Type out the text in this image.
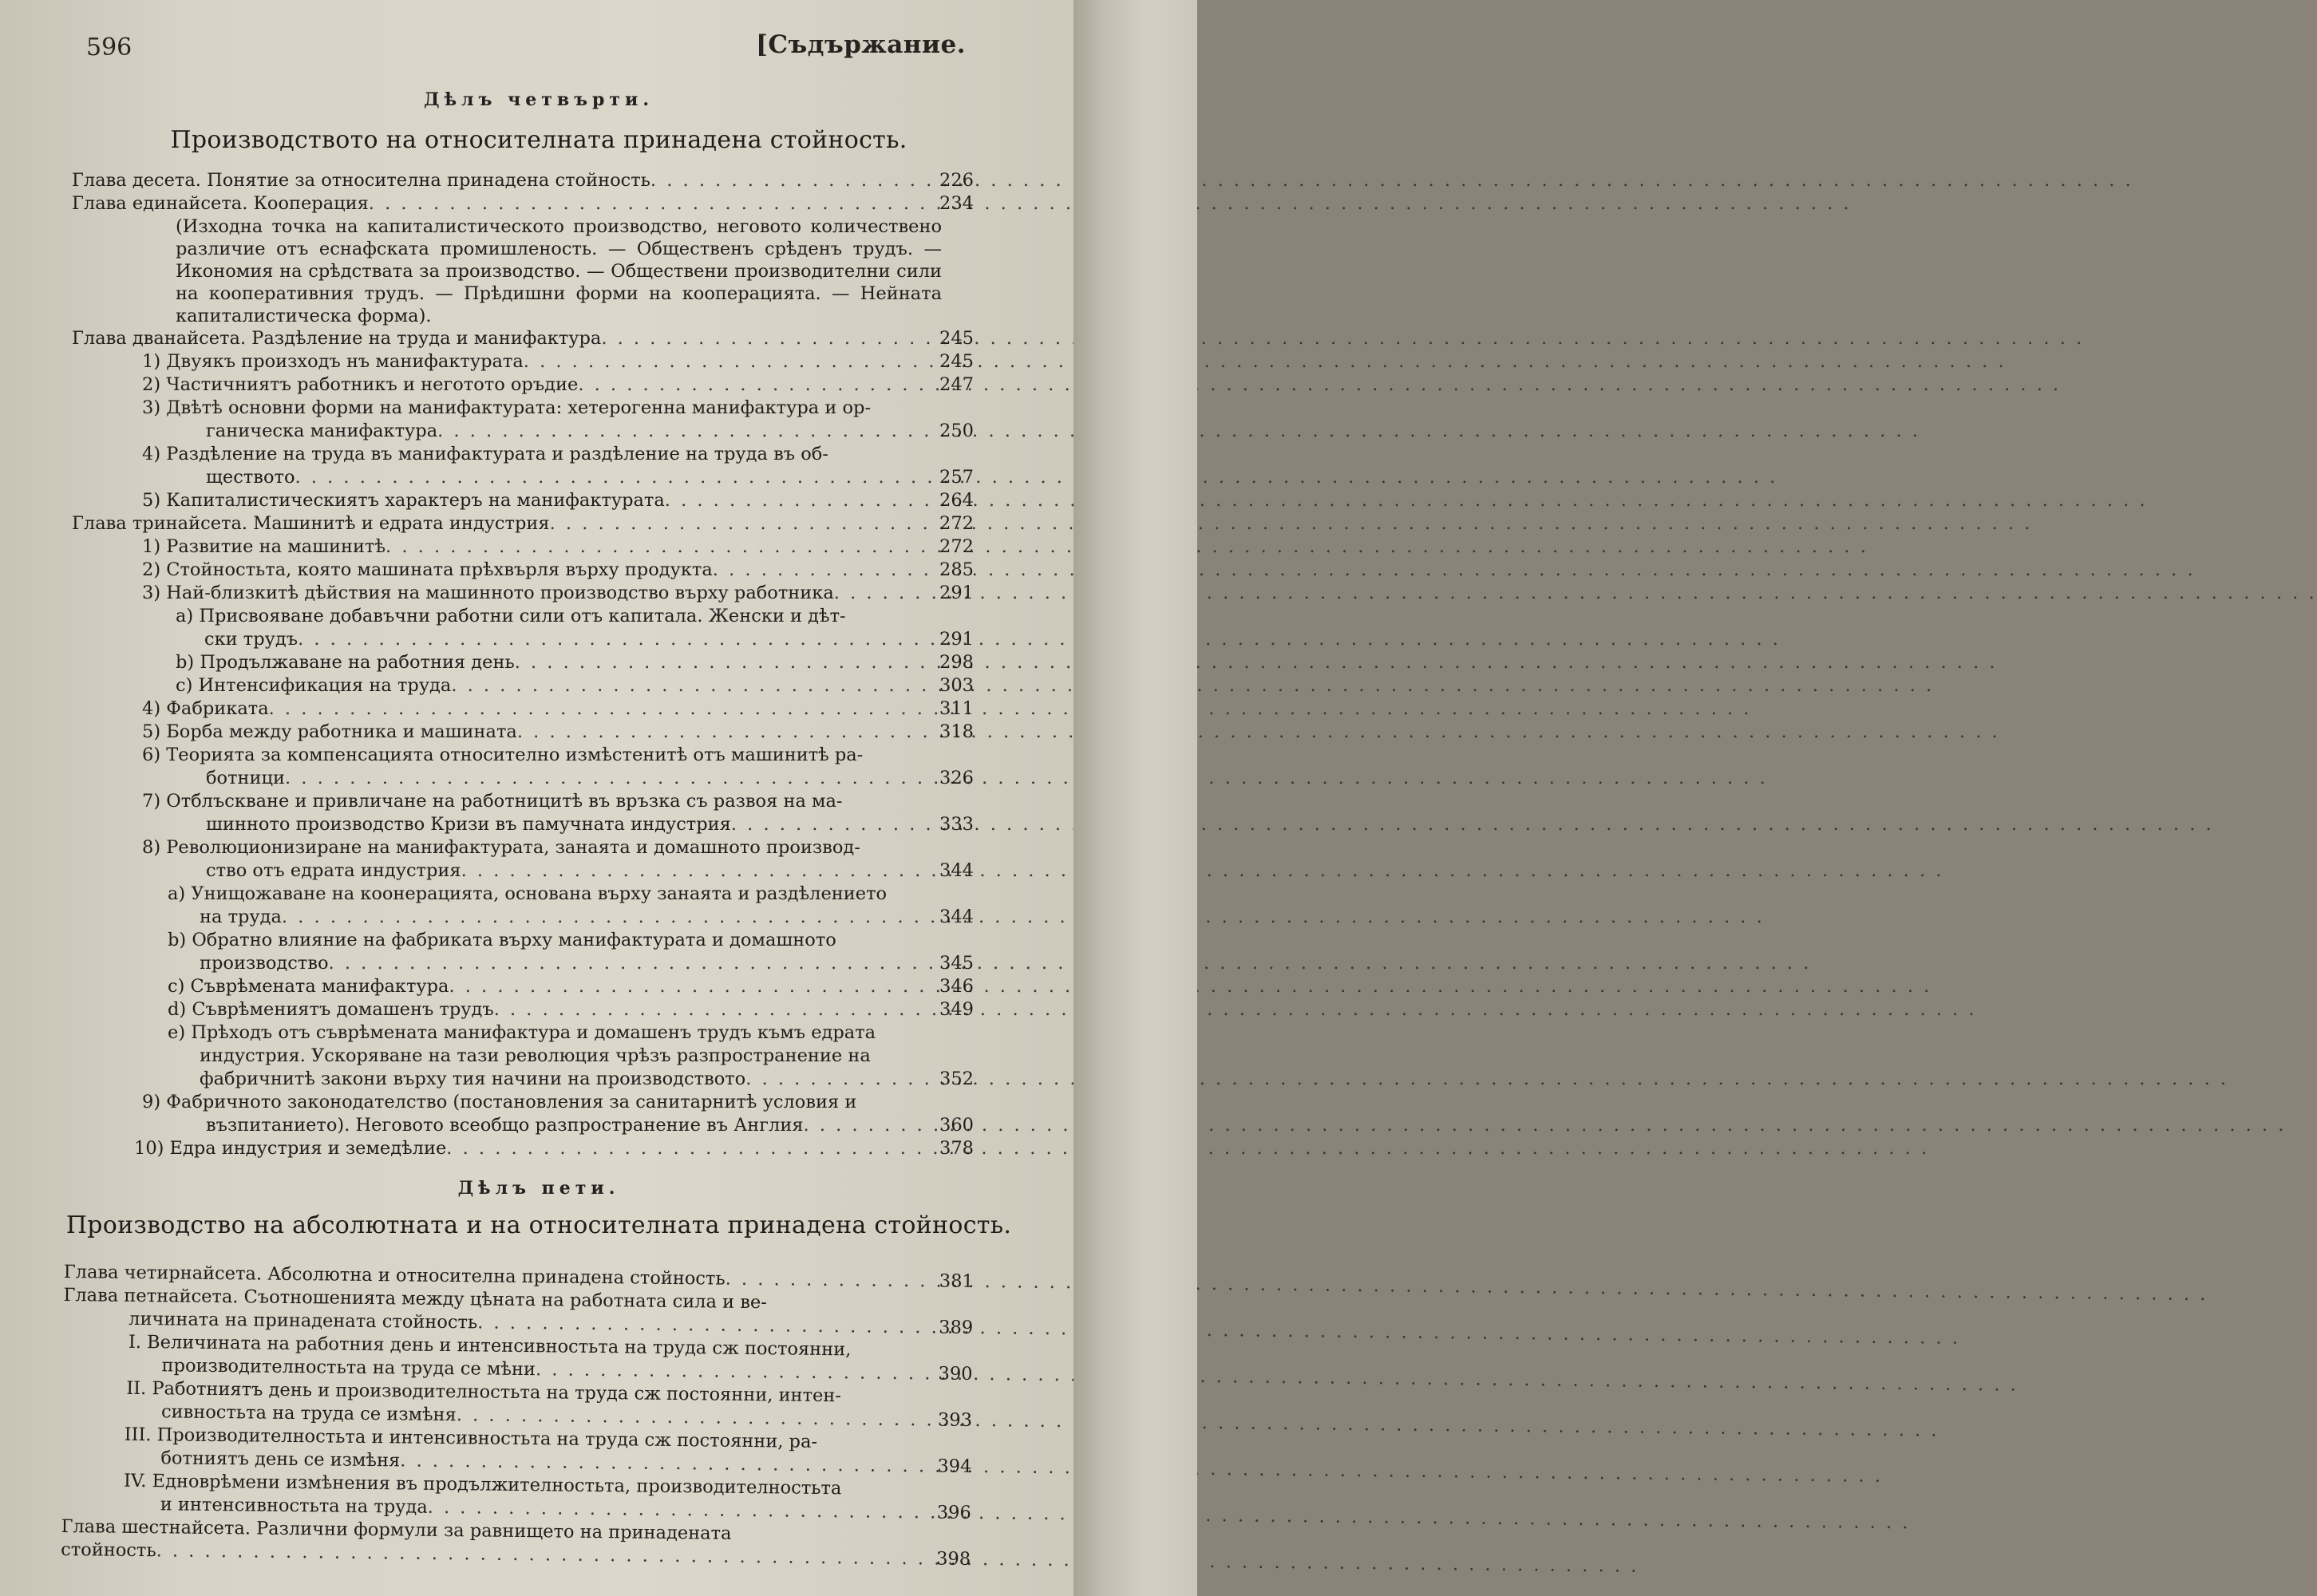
596	[Съдържание.
Дѣлъ четвърти.
Производството на относителната принадена стойность.
Глава десета. Понятие за относителна принадена стойность . . .	226
Глава единайсета. Кооперация . . .	234
(Изходна точка на капиталистическото производство, неговото количествено различие отъ еснафската промишленость. — Общественъ срѣденъ трудъ. — Икономия на срѣдствата за производство. — Обществени производителни сили на кооперативния трудъ. — Прѣдишни форми на кооперацията. — Нейната капиталистическа форма).
Глава дванайсета. Раздѣление на труда и манифактура . . .	245
1) Двуякъ произходъ нъ манифактурата . . .	245
2) Частичниятъ работникъ и неготото оръдие . . .	247
3) Двѣтѣ основни форми на манифактурата: хетерогенна манифактура и ор-
ганическа манифактура . . .	250
4) Раздѣление на труда въ манифактурата и раздѣление на труда въ об-
ществото . . .	257
5) Капиталистическиятъ характеръ на манифактурата . . .	264
Глава тринайсета. Машинитѣ и едрата индустрия . . .	272
1) Развитие на машинитѣ . . .	272
2) Стойностьта, която машината прѣхвърля върху продукта . . .	285
3) Най-близкитѣ дѣйствия на машинното производство върху работника . . .	291
a) Присвояване добавъчни работни сили отъ капитала. Женски и дѣт-
ски трудъ . . .	291
b) Продължаване на работния день . . .	298
c) Интенсификация на труда . . .	303
4) Фабриката . . .	311
5) Борба между работника и машината . . .	318
6) Теорията за компенсацията относително измѣстенитѣ отъ машинитѣ ра-
ботници . . .	326
7) Отблъскване и привличане на работницитѣ въ връзка съ развоя на ма-
шинното производство Кризи въ памучната индустрия . . .	333
8) Революционизиране на манифактурата, занаята и домашното производ-
ство отъ едрата индустрия . . .	344
a) Унищожаване на коонерацията, основана върху занаята и раздѣлението
на труда . . .	344
b) Обратно влияние на фабриката върху манифактурата и домашното
производство . . .	345
c) Съврѣмената манифактура . . .	346
d) Съврѣмениятъ домашенъ трудъ . . .	349
e) Прѣходъ отъ съврѣмената манифактура и домашенъ трудъ къмъ едрата
индустрия. Ускоряване на тази революция чрѣзъ разпространение на
фабричнитѣ закони върху тия начини на производството . . .	352
9) Фабричното законодателство (постановления за санитарнитѣ условия и
възпитанието). Неговото всеобщо разпространение въ Англия . . .	360
10) Едра индустрия и земедѣлие . . .	378
Дѣлъ пети.
Производство на абсолютната и на относителната принадена стойность.
Глава четирнайсета. Абсолютна и относителна принадена стойность . . .	381
Глава петнайсета. Съотношенията между цѣната на работната сила и ве-
личината на принадената стойность . . .	389
I. Величината на работния день и интенсивностьта на труда сж постоянни,
производителностьта на труда се мѣни . . .	390
II. Работниятъ день и производителностьта на труда сж постоянни, интен-
сивностьта на труда се измѣня . . .	393
III. Производителностьта и интенсивностьта на труда сж постоянни, ра-
ботниятъ день се измѣня . . .	394
IV. Едноврѣмени измѣнения въ продължителностьта, производителностьта
и интенсивностьта на труда . . .	396
Глава шестнайсета. Различни формули за равнището на принадената
стойность . . .	398
